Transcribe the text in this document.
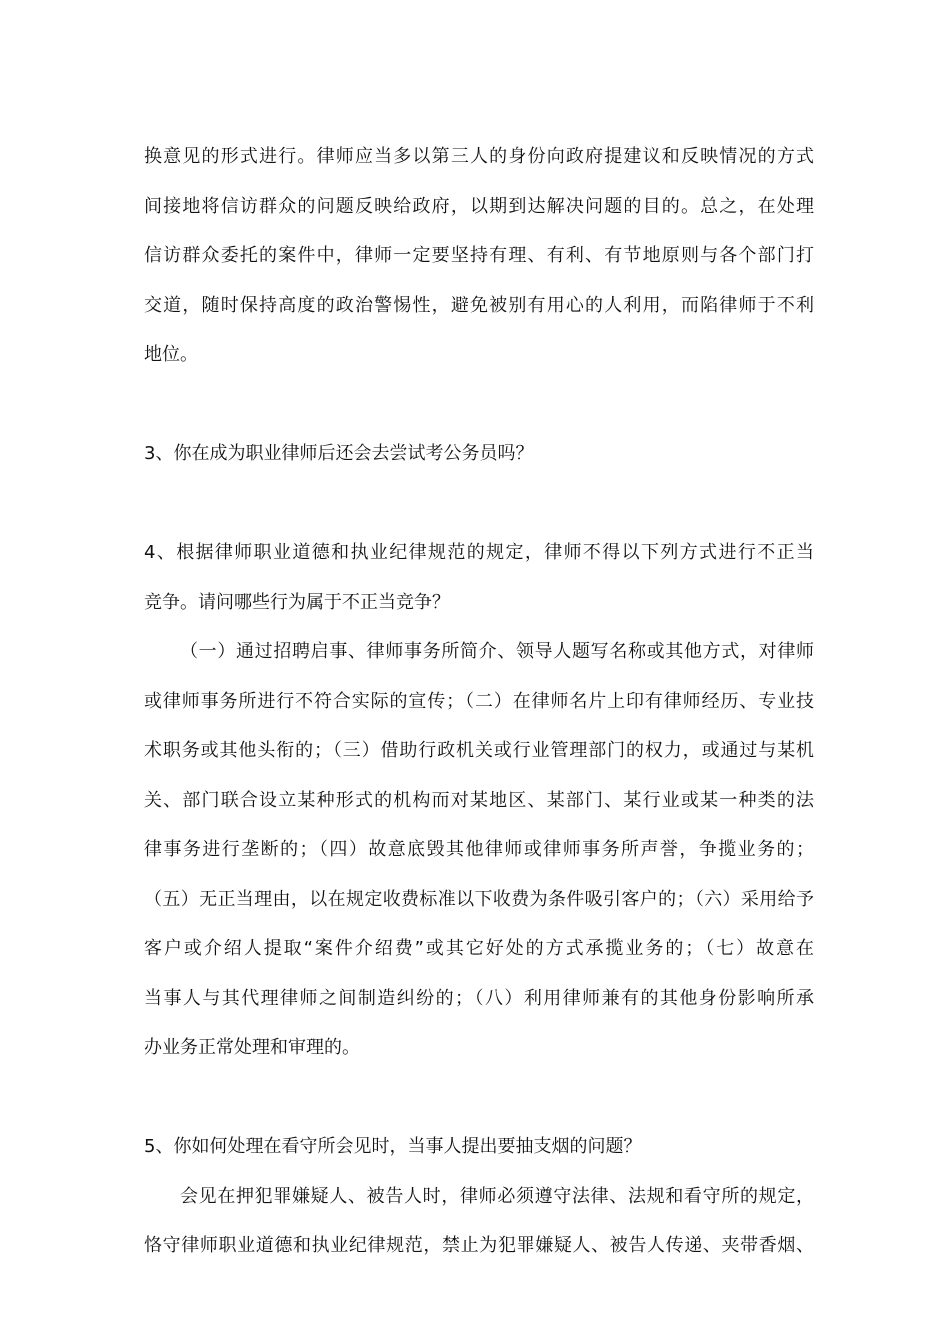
换意见的形式进行。律师应当多以第三人的身份向政府提建议和反映情况的方式
间接地将信访群众的问题反映给政府，以期到达解决问题的目的。总之，在处理
信访群众委托的案件中，律师一定要坚持有理、有利、有节地原则与各个部门打
交道，随时保持高度的政治警惕性，避免被别有用心的人利用，而陷律师于不利
地位。
3、你在成为职业律师后还会去尝试考公务员吗？
4、根据律师职业道德和执业纪律规范的规定，律师不得以下列方式进行不正当
竞争。请问哪些行为属于不正当竞争？
（一）通过招聘启事、律师事务所简介、领导人题写名称或其他方式，对律师
或律师事务所进行不符合实际的宣传；（二）在律师名片上印有律师经历、专业技
术职务或其他头衔的；（三）借助行政机关或行业管理部门的权力，或通过与某机
关、部门联合设立某种形式的机构而对某地区、某部门、某行业或某一种类的法
律事务进行垄断的；（四）故意底毁其他律师或律师事务所声誉，争揽业务的；
（五）无正当理由，以在规定收费标准以下收费为条件吸引客户的；（六）采用给予
客户或介绍人提取“案件介绍费”或其它好处的方式承揽业务的；（七）故意在
当事人与其代理律师之间制造纠纷的；（八）利用律师兼有的其他身份影响所承
办业务正常处理和审理的。
5、你如何处理在看守所会见时，当事人提出要抽支烟的问题？
会见在押犯罪嫌疑人、被告人时，律师必须遵守法律、法规和看守所的规定，
恪守律师职业道德和执业纪律规范，禁止为犯罪嫌疑人、被告人传递、夹带香烟、
